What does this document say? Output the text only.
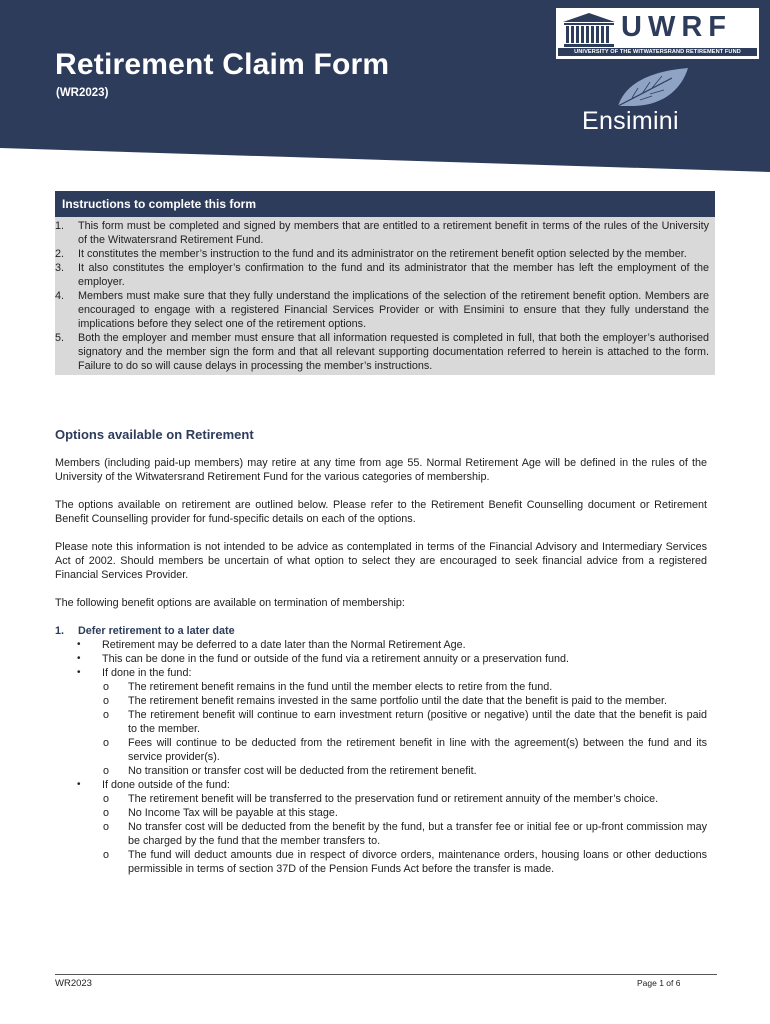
Retirement Claim Form
(WR2023)
UWRF
UNIVERSITY OF THE WITWATERSRAND RETIREMENT FUND
Ensimini
Instructions to complete this form
1. This form must be completed and signed by members that are entitled to a retirement benefit in terms of the rules of the University of the Witwatersrand Retirement Fund.
2. It constitutes the member’s instruction to the fund and its administrator on the retirement benefit option selected by the member.
3. It also constitutes the employer’s confirmation to the fund and its administrator that the member has left the employment of the employer.
4. Members must make sure that they fully understand the implications of the selection of the retirement benefit option. Members are encouraged to engage with a registered Financial Services Provider or with Ensimini to ensure that they fully understand the implications before they select one of the retirement options.
5. Both the employer and member must ensure that all information requested is completed in full, that both the employer’s authorised signatory and the member sign the form and that all relevant supporting documentation referred to herein is attached to the form. Failure to do so will cause delays in processing the member’s instructions.
Options available on Retirement

Members (including paid-up members) may retire at any time from age 55. Normal Retirement Age will be defined in the rules of the University of the Witwatersrand Retirement Fund for the various categories of membership.

The options available on retirement are outlined below. Please refer to the Retirement Benefit Counselling document or Retirement Benefit Counselling provider for fund-specific details on each of the options.

Please note this information is not intended to be advice as contemplated in terms of the Financial Advisory and Intermediary Services Act of 2002. Should members be uncertain of what option to select they are encouraged to seek financial advice from a registered Financial Services Provider.

The following benefit options are available on termination of membership:

1. Defer retirement to a later date
• Retirement may be deferred to a date later than the Normal Retirement Age.
• This can be done in the fund or outside of the fund via a retirement annuity or a preservation fund.
• If done in the fund:
o The retirement benefit remains in the fund until the member elects to retire from the fund.
o The retirement benefit remains invested in the same portfolio until the date that the benefit is paid to the member.
o The retirement benefit will continue to earn investment return (positive or negative) until the date that the benefit is paid to the member.
o Fees will continue to be deducted from the retirement benefit in line with the agreement(s) between the fund and its service provider(s).
o No transition or transfer cost will be deducted from the retirement benefit.
• If done outside of the fund:
o The retirement benefit will be transferred to the preservation fund or retirement annuity of the member’s choice.
o No Income Tax will be payable at this stage.
o No transfer cost will be deducted from the benefit by the fund, but a transfer fee or initial fee or up-front commission may be charged by the fund that the member transfers to.
o The fund will deduct amounts due in respect of divorce orders, maintenance orders, housing loans or other deductions permissible in terms of section 37D of the Pension Funds Act before the transfer is made.
WR2023	Page 1 of 6
